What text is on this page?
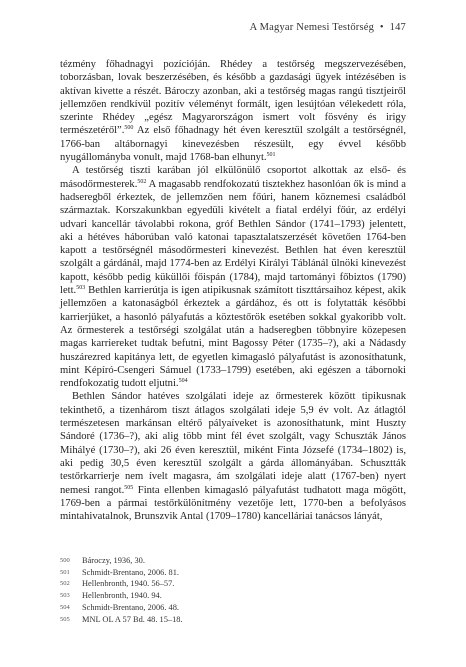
A Magyar Nemesi Testőrség • 147

tézmény főhadnagyi pozícióján. Rhédey a testőrség megszervezésében, toborzásban, lovak beszerzésében, és később a gazdasági ügyek intézésében is aktívan kivette a részét. Bároczy azonban, aki a testőrség magas rangú tisztjeiről jellemzően rendkívül pozitív véleményt formált, igen lesújtóan vélekedett róla, szerinte Rhédey „egész Magyarországon ismert volt fösvény és irigy természetéről”.$^{500}$ Az első főhadnagy hét éven keresztül szolgált a testőrségnél, 1766-ban altábornagyi kinevezésben részesült, egy évvel később nyugállományba vonult, majd 1768-ban elhunyt.$^{501}$

A testőrség tiszti karában jól elkülönülő csoportot alkottak az első- és másodőrmesterek.$^{502}$ A magasabb rendfokozatú tisztekhez hasonlóan ők is mind a hadseregből érkeztek, de jellemzően nem főúri, hanem köznemesi családból származtak. Korszakunkban egyedüli kivételt a fiatal erdélyi főúr, az erdélyi udvari kancellár távolabbi rokona, gróf Bethlen Sándor (1741–1793) jelentett, aki a hétéves háborúban való katonai tapasztalatszerzését követően 1764-ben kapott a testőrségnél másodőrmesteri kinevezést. Bethlen hat éven keresztül szolgált a gárdánál, majd 1774-ben az Erdélyi Királyi Táblánál ülnöki kinevezést kapott, később pedig küküllői főispán (1784), majd tartományi főbiztos (1790) lett.$^{503}$ Bethlen karrierútja is igen atipikusnak számított tiszttársaihoz képest, akik jellemzően a katonaságból érkeztek a gárdához, és ott is folytatták későbbi karrierjüket, a hasonló pályafutás a köztestőrök esetében sokkal gyakoribb volt. Az őrmesterek a testőrségi szolgálat után a hadseregben többnyire közepesen magas karriereket tudtak befutni, mint Bagossy Péter (1735–?), aki a Nádasdy huszárezred kapitánya lett, de egyetlen kimagasló pályafutást is azonosíthatunk, mint Képíró-Csengeri Sámuel (1733–1799) esetében, aki egészen a tábornoki rendfokozatig tudott eljutni.$^{504}$

Bethlen Sándor hatéves szolgálati ideje az őrmesterek között tipikusnak tekinthető, a tizenhárom tiszt átlagos szolgálati ideje 5,9 év volt. Az átlagtól természetesen markánsan eltérő pályaíveket is azonosíthatunk, mint Huszty Sándoré (1736–?), aki alig több mint fél évet szolgált, vagy Schuszták János Mihályé (1730–?), aki 26 éven keresztül, miként Finta Józsefé (1734–1802) is, aki pedig 30,5 éven keresztül szolgált a gárda állományában. Schusztták testőrkarrierje nem ívelt magasra, ám szolgálati ideje alatt (1767-ben) nyert nemesi rangot.$^{505}$ Finta ellenben kimagasló pályafutást tudhatott maga mögött, 1769-ben a pármai testőrkülönítmény vezetője lett, 1770-ben a befolyásos mintahivatalnok, Brunszvik Antal (1709–1780) kancelláriai tanácsos lányát,

500	Bároczy, 1936, 30.
501	Schmidt-Brentano, 2006. 81.
502	Hellenbronth, 1940. 56–57.
503	Hellenbronth, 1940. 94.
504	Schmidt-Brentano, 2006. 48.
505	MNL OL A 57 Bd. 48. 15–18.
